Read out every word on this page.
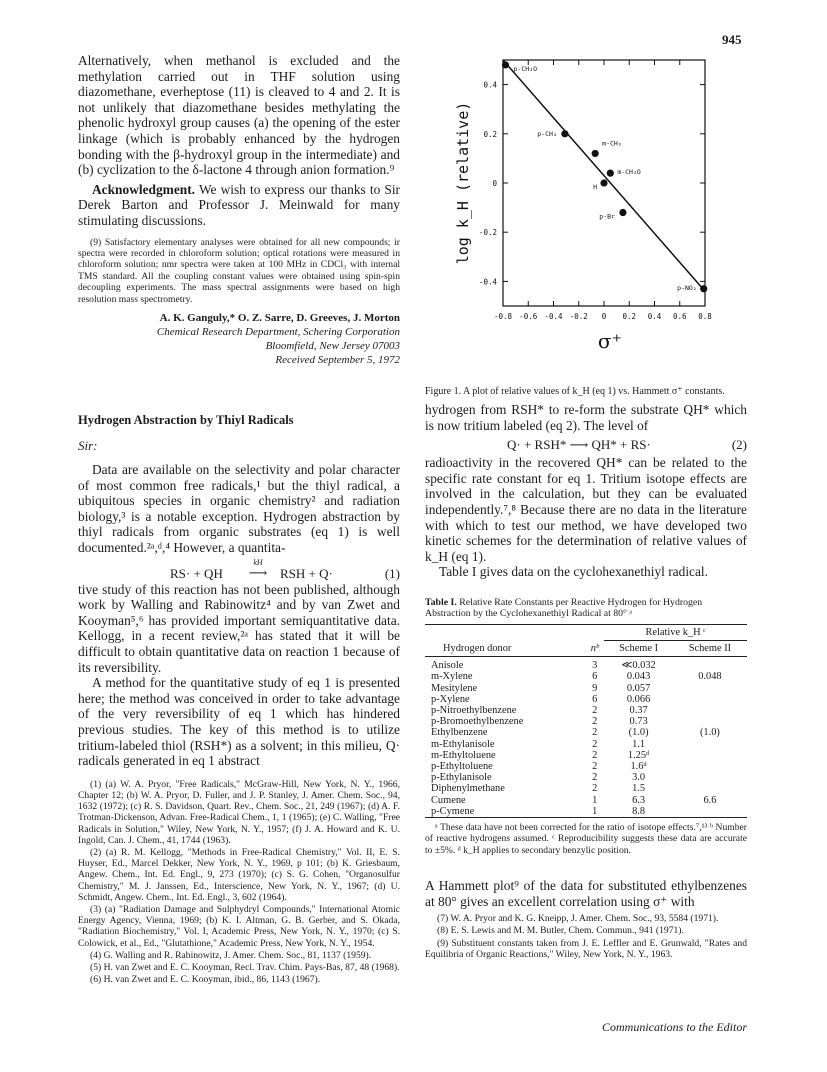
945

Alternatively, when methanol is excluded and the methylation carried out in THF solution using diazomethane, everheptose (11) is cleaved to 4 and 2. It is not unlikely that diazomethane besides methylating the phenolic hydroxyl group causes (a) the opening of the ester linkage (which is probably enhanced by the hydrogen bonding with the β-hydroxyl group in the intermediate) and (b) cyclization to the δ-lactone 4 through anion formation.⁹

Acknowledgment. We wish to express our thanks to Sir Derek Barton and Professor J. Meinwald for many stimulating discussions.

(9) Satisfactory elementary analyses were obtained for all new compounds; ir spectra were recorded in chloroform solution; optical rotations were measured in chloroform solution; nmr spectra were taken at 100 MHz in CDCl₃ with internal TMS standard. All the coupling constant values were obtained using spin-spin decoupling experiments. The mass spectral assignments were based on high resolution mass spectrometry.

A. K. Ganguly,* O. Z. Sarre, D. Greeves, J. Morton
Chemical Research Department, Schering Corporation
Bloomfield, New Jersey 07003
Received September 5, 1972
-0.8 -0.6 -0.4 -0.2 0 0.2 0.4 0.6 0.8
0.4
0.2
0
-0.2
-0.4
p-CH₃O
p-CH₃
m-CH₃
m-CH₃O
H
p-Br
p-NO₂
log k_H (relative)
σ⁺
Figure 1. A plot of relative values of k_H (eq 1) vs. Hammett σ⁺ constants.

hydrogen from RSH* to re-form the substrate QH* which is now tritium labeled (eq 2). The level of

Q· + RSH* ⟶ QH* + RS·	(2)

radioactivity in the recovered QH* can be related to the specific rate constant for eq 1. Tritium isotope effects are involved in the calculation, but they can be evaluated independently.⁷,⁸ Because there are no data in the literature with which to test our method, we have developed two kinetic schemes for the determination of relative values of k_H (eq 1).

Table I gives data on the cyclohexanethiyl radical.

Table I. Relative Rate Constants per Reactive Hydrogen for Hydrogen Abstraction by the Cyclohexanethiyl Radical at 80° ᵃ

		Relative k_H ᶜ	
Hydrogen donor	nᵇ	Scheme I	Scheme II
Anisole	3	≪0.032	
m-Xylene	6	0.043	0.048
Mesitylene	9	0.057	
p-Xylene	6	0.066	
p-Nitroethylbenzene	2	0.37	
p-Bromoethylbenzene	2	0.73	
Ethylbenzene	2	(1.0)	(1.0)
m-Ethylanisole	2	1.1	
m-Ethyltoluene	2	1.25ᵈ	
p-Ethyltoluene	2	1.6ᵈ	
p-Ethylanisole	2	3.0	
Diphenylmethane	2	1.5	
Cumene	1	6.3	6.6
p-Cymene	1	8.8	

ᵃ These data have not been corrected for the ratio of isotope effects.⁷,¹³ ᵇ Number of reactive hydrogens assumed. ᶜ Reproducibility suggests these data are accurate to ±5%. ᵈ k_H applies to secondary benzylic position.

A Hammett plot⁹ of the data for substituted ethylbenzenes at 80° gives an excellent correlation using σ⁺ with

(7) W. A. Pryor and K. G. Kneipp, J. Amer. Chem. Soc., 93, 5584 (1971).

(8) E. S. Lewis and M. M. Butler, Chem. Commun., 941 (1971).

(9) Substituent constants taken from J. E. Leffler and E. Grunwald, "Rates and Equilibria of Organic Reactions," Wiley, New York, N. Y., 1963.

Communications to the Editor
Hydrogen Abstraction by Thiyl Radicals
Sir:

Data are available on the selectivity and polar character of most common free radicals,¹ but the thiyl radical, a ubiquitous species in organic chemistry² and radiation biology,³ is a notable exception. Hydrogen abstraction by thiyl radicals from organic substrates (eq 1) is well documented.²ᵃ,ᵈ,⁴ However, a quantita-

RS· + QH
kH
⟶ RSH + Q·	(1)

tive study of this reaction has not been published, although work by Walling and Rabinowitz⁴ and by van Zwet and Kooyman⁵,⁶ has provided important semiquantitative data. Kellogg, in a recent review,²ᵃ has stated that it will be difficult to obtain quantitative data on reaction 1 because of its reversibility.

A method for the quantitative study of eq 1 is presented here; the method was conceived in order to take advantage of the very reversibility of eq 1 which has hindered previous studies. The key of this method is to utilize tritium-labeled thiol (RSH*) as a solvent; in this milieu, Q· radicals generated in eq 1 abstract

(1) (a) W. A. Pryor, "Free Radicals," McGraw-Hill, New York, N. Y., 1966, Chapter 12; (b) W. A. Pryor, D. Fuller, and J. P. Stanley, J. Amer. Chem. Soc., 94, 1632 (1972); (c) R. S. Davidson, Quart. Rev., Chem. Soc., 21, 249 (1967); (d) A. F. Trotman-Dickenson, Advan. Free-Radical Chem., 1, 1 (1965); (e) C. Walling, "Free Radicals in Solution," Wiley, New York, N. Y., 1957; (f) J. A. Howard and K. U. Ingold, Can. J. Chem., 41, 1744 (1963).

(2) (a) R. M. Kellogg, "Methods in Free-Radical Chemistry," Vol. II, E. S. Huyser, Ed., Marcel Dekker, New York, N. Y., 1969, p 101; (b) K. Griesbaum, Angew. Chem., Int. Ed. Engl., 9, 273 (1970); (c) S. G. Cohen, "Organosulfur Chemistry," M. J. Janssen, Ed., Interscience, New York, N. Y., 1967; (d) U. Schmidt, Angew. Chem., Int. Ed. Engl., 3, 602 (1964).

(3) (a) "Radiation Damage and Sulphydryl Compounds," International Atomic Energy Agency, Vienna, 1969; (b) K. I. Altman, G. B. Gerber, and S. Okada, "Radiation Biochemistry," Vol. I, Academic Press, New York, N. Y., 1970; (c) S. Colowick, et al., Ed., "Glutathione," Academic Press, New York, N. Y., 1954.

(4) G. Walling and R. Rabinowitz, J. Amer. Chem. Soc., 81, 1137 (1959).

(5) H. van Zwet and E. C. Kooyman, Recl. Trav. Chim. Pays-Bas, 87, 48 (1968).

(6) H. van Zwet and E. C. Kooyman, ibid., 86, 1143 (1967).
